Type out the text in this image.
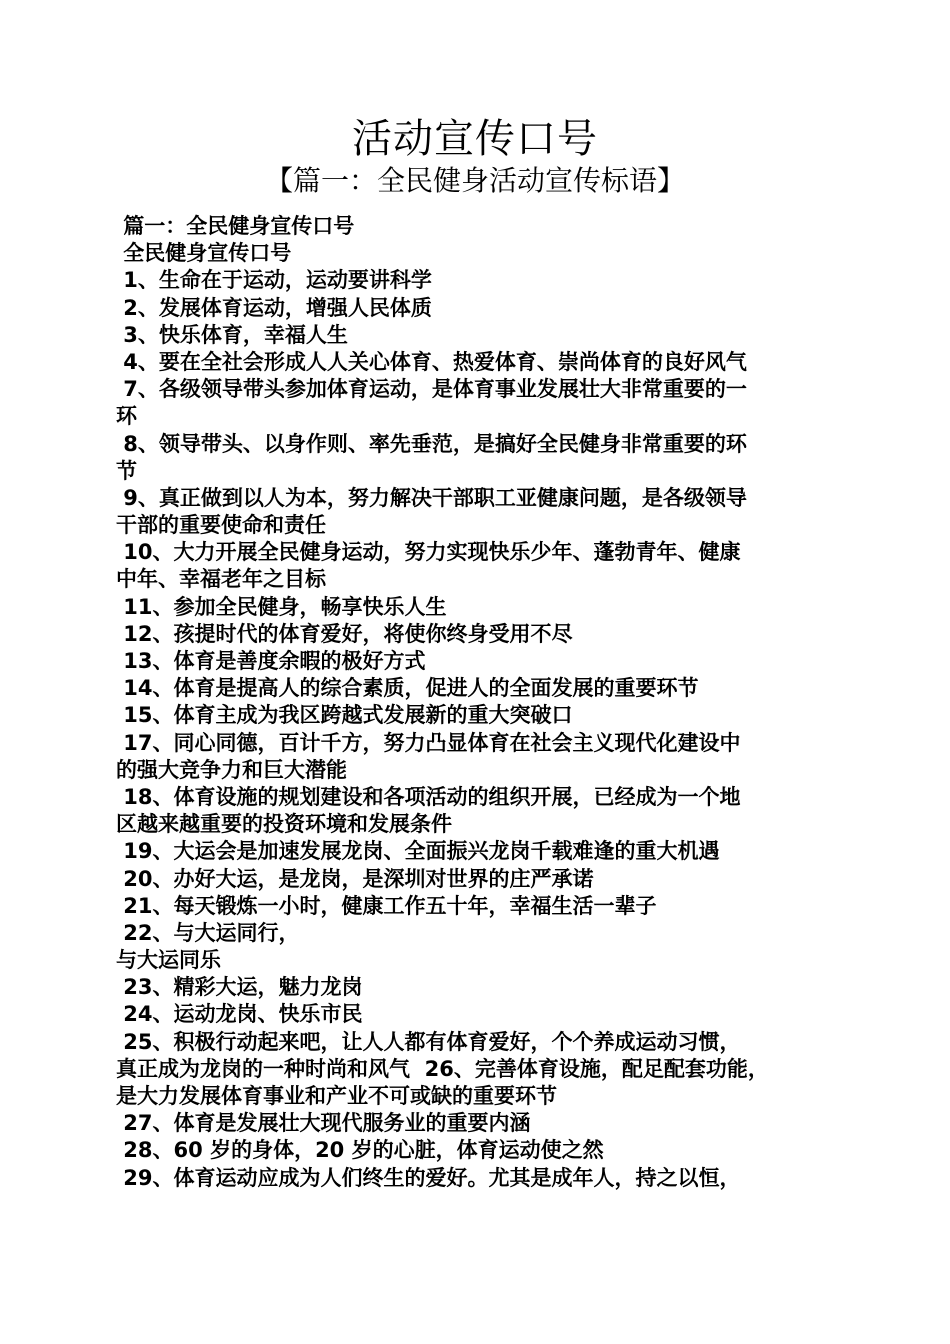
活动宣传口号
【篇一：全民健身活动宣传标语】
篇一：全民健身宣传口号
全民健身宣传口号
1、生命在于运动，运动要讲科学
2、发展体育运动，增强人民体质
3、快乐体育，幸福人生
4、要在全社会形成人人关心体育、热爱体育、崇尚体育的良好风气
7、各级领导带头参加体育运动，是体育事业发展壮大非常重要的一
环
8、领导带头、以身作则、率先垂范，是搞好全民健身非常重要的环
节
9、真正做到以人为本，努力解决干部职工亚健康问题，是各级领导
干部的重要使命和责任
10、大力开展全民健身运动，努力实现快乐少年、蓬勃青年、健康
中年、幸福老年之目标
11、参加全民健身，畅享快乐人生
12、孩提时代的体育爱好，将使你终身受用不尽
13、体育是善度余暇的极好方式
14、体育是提高人的综合素质，促进人的全面发展的重要环节
15、体育主成为我区跨越式发展新的重大突破口
17、同心同德，百计千方，努力凸显体育在社会主义现代化建设中
的强大竞争力和巨大潜能
18、体育设施的规划建设和各项活动的组织开展，已经成为一个地
区越来越重要的投资环境和发展条件
19、大运会是加速发展龙岗、全面振兴龙岗千载难逢的重大机遇
20、办好大运，是龙岗，是深圳对世界的庄严承诺
21、每天锻炼一小时，健康工作五十年，幸福生活一辈子
22、与大运同行，
与大运同乐
23、精彩大运，魅力龙岗
24、运动龙岗、快乐市民
25、积极行动起来吧，让人人都有体育爱好，个个养成运动习惯，
真正成为龙岗的一种时尚和风气  26、完善体育设施，配足配套功能，
是大力发展体育事业和产业不可或缺的重要环节
27、体育是发展壮大现代服务业的重要内涵
28、60 岁的身体，20 岁的心脏，体育运动使之然
29、体育运动应成为人们终生的爱好。尤其是成年人，持之以恒，
